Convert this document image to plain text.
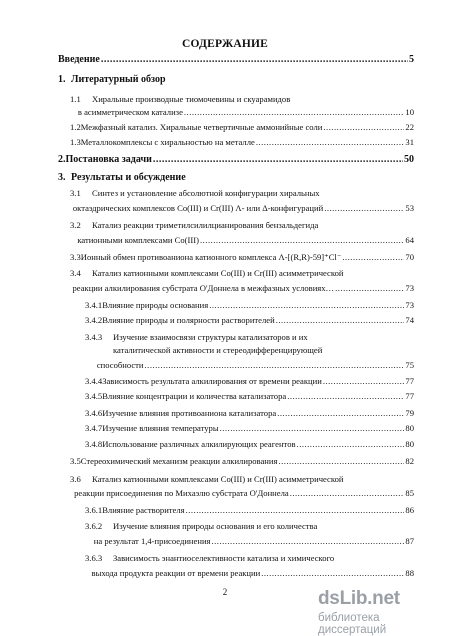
СОДЕРЖАНИЕ
Введение .....	5
1. Литературный обзор
1.1	Хиральные производные тиомочевины и скуарамидов
в асимметрическом катализе .....	10
1.2 Межфазный катализ. Хиральные четвертичные аммонийные соли .....	22
1.3 Металлокомплексы с хиральностью на металле .....	31
2. Постановка задачи .....	50
3. Результаты и обсуждение
3.1	Синтез и установление абсолютной конфигурации хиральных
октаэдрических комплексов Co(III) и Cr(III) Λ- или Δ-конфигураций .....	53
3.2	Катализ реакции триметилсилилцианирования бензальдегида
катионными комплексами Co(III) .....	64
3.3 Ионный обмен противоаниона катионного комплекса Λ-[(R,R)-59]⁺Cl⁻ .....	70
3.4	Катализ катионными комплексами Co(III) и Cr(III) асимметрической
реакции алкилирования субстрата О'Доннела в межфазных условиях… .....	73
3.4.1 Влияние природы основания .....	73
3.4.2 Влияние природы и полярности растворителей .....	74
3.4.3	Изучение взаимосвязи структуры катализаторов и их
каталитической активности и стереодифференцирующей
способности .....	75
3.4.4 Зависимость результата алкилирования от времени реакции .....	77
3.4.5 Влияние концентрации и количества катализатора .....	77
3.4.6 Изучение влияния противоаниона катализатора .....	79
3.4.7 Изучение влияния температуры .....	80
3.4.8 Использование различных алкилирующих реагентов .....	80
3.5 Стереохимический механизм реакции алкилирования .....	82
3.6	Катализ катионными комплексами Co(III) и Cr(III) асимметрической
реакции присоединения по Михаэлю субстрата О'Доннела .....	85
3.6.1 Влияние растворителя .....	86
3.6.2	Изучение влияния природы основания и его количества
на результат 1,4-присоединения .....	87
3.6.3	Зависимость энантиоселективности катализа и химического
выхода продукта реакции от времени реакции .....	88
2	dsLib.net
библиотека диссертаций
